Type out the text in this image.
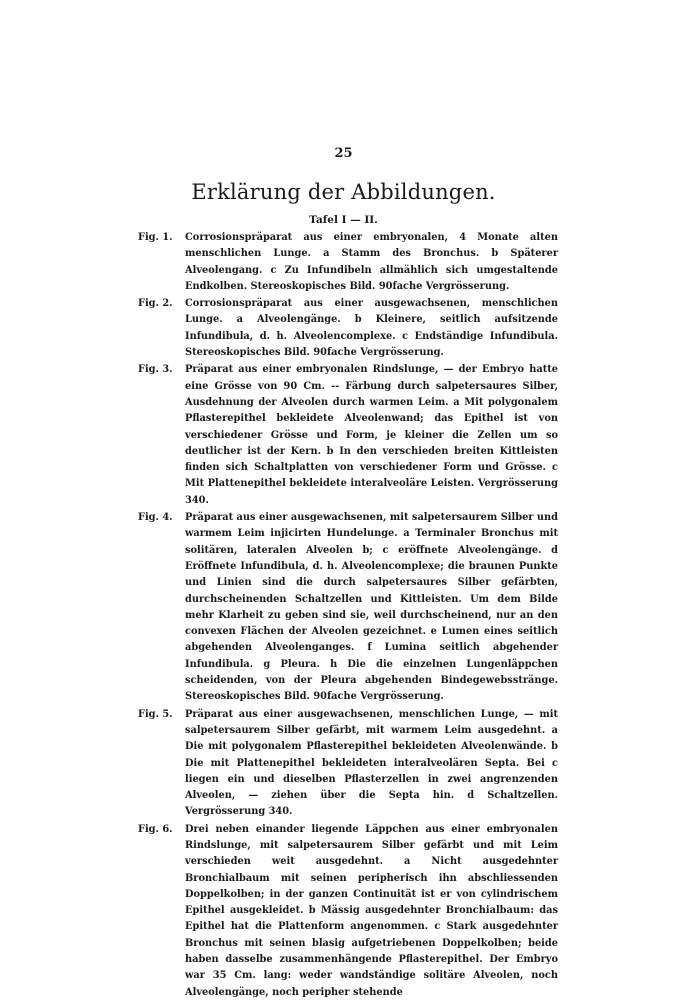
25
Erklärung der Abbildungen.
Tafel I — II.
Fig. 1. Corrosionspräparat aus einer embryonalen, 4 Monate alten menschlichen Lunge. a Stamm des Bronchus. b Späterer Alveolengang. c Zu Infundibeln allmählich sich umgestaltende Endkolben. Stereoskopisches Bild. 90fache Vergrösserung.
Fig. 2. Corrosionspräparat aus einer ausgewachsenen, menschlichen Lunge. a Alveolengänge. b Kleinere, seitlich aufsitzende Infundibula, d. h. Alveolencomplexe. c Endständige Infundibula. Stereoskopisches Bild. 90fache Vergrösserung.
Fig. 3. Präparat aus einer embryonalen Rindslunge, — der Embryo hatte eine Grösse von 90 Cm. -- Färbung durch salpetersaures Silber, Ausdehnung der Alveolen durch warmen Leim. a Mit polygonalem Pflasterepithel bekleidete Alveolenwand; das Epithel ist von verschiedener Grösse und Form, je kleiner die Zellen um so deutlicher ist der Kern. b In den verschieden breiten Kittleisten finden sich Schaltplatten von verschiedener Form und Grösse. c Mit Plattenepithel bekleidete interalveoläre Leisten. Vergrösserung 340.
Fig. 4. Präparat aus einer ausgewachsenen, mit salpetersaurem Silber und warmem Leim injicirten Hundelunge. a Terminaler Bronchus mit solitären, lateralen Alveolen b; c eröffnete Alveolengänge. d Eröffnete Infundibula, d. h. Alveolencomplexe; die braunen Punkte und Linien sind die durch salpetersaures Silber gefärbten, durchscheinenden Schaltzellen und Kittleisten. Um dem Bilde mehr Klarheit zu geben sind sie, weil durchscheinend, nur an den convexen Flächen der Alveolen gezeichnet. e Lumen eines seitlich abgehenden Alveolenganges. f Lumina seitlich abgehender Infundibula. g Pleura. h Die die einzelnen Lungenläppchen scheidenden, von der Pleura abgehenden Bindegewebsstränge. Stereoskopisches Bild. 90fache Vergrösserung.
Fig. 5. Präparat aus einer ausgewachsenen, menschlichen Lunge, — mit salpetersaurem Silber gefärbt, mit warmem Leim ausgedehnt. a Die mit polygonalem Pflasterepithel bekleideten Alveolenwände. b Die mit Plattenepithel bekleideten interalveolären Septa. Bei c liegen ein und dieselben Pflasterzellen in zwei angrenzenden Alveolen, — ziehen über die Septa hin. d Schaltzellen. Vergrösserung 340.
Fig. 6. Drei neben einander liegende Läppchen aus einer embryonalen Rindslunge, mit salpetersaurem Silber gefärbt und mit Leim verschieden weit ausgedehnt. a Nicht ausgedehnter Bronchialbaum mit seinen peripherisch ihn abschliessenden Doppelkolben; in der ganzen Continuität ist er von cylindrischem Epithel ausgekleidet. b Mässig ausgedehnter Bronchialbaum: das Epithel hat die Plattenform angenommen. c Stark ausgedehnter Bronchus mit seinen blasig aufgetriebenen Doppelkolben; beide haben dasselbe zusammenhängende Pflasterepithel. Der Embryo war 35 Cm. lang: weder wandständige solitäre Alveolen, noch Alveolengänge, noch peripher stehende
